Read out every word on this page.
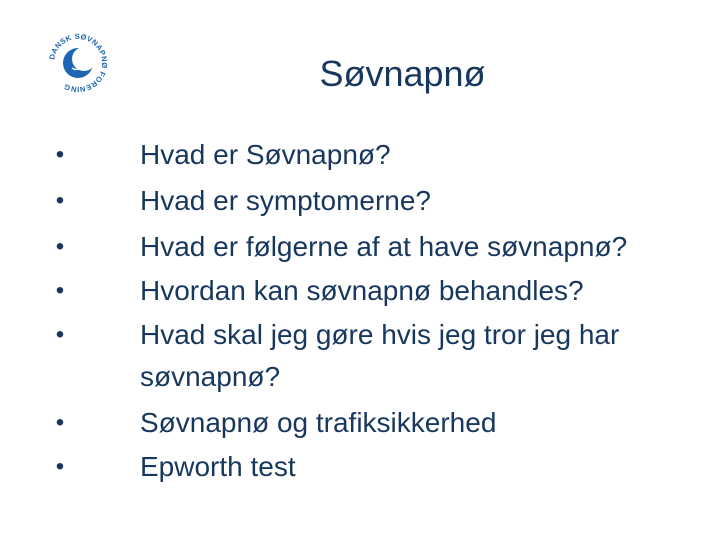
DANSK SØVNAPNØ FORENING	Søvnapnø
•	Hvad er Søvnapnø?
•	Hvad er symptomerne?
•	Hvad er følgerne af at have søvnapnø?
•	Hvordan kan søvnapnø behandles?
•	Hvad skal jeg gøre hvis jeg tror jeg har
søvnapnø?
•	Søvnapnø og trafiksikkerhed
•	Epworth test
